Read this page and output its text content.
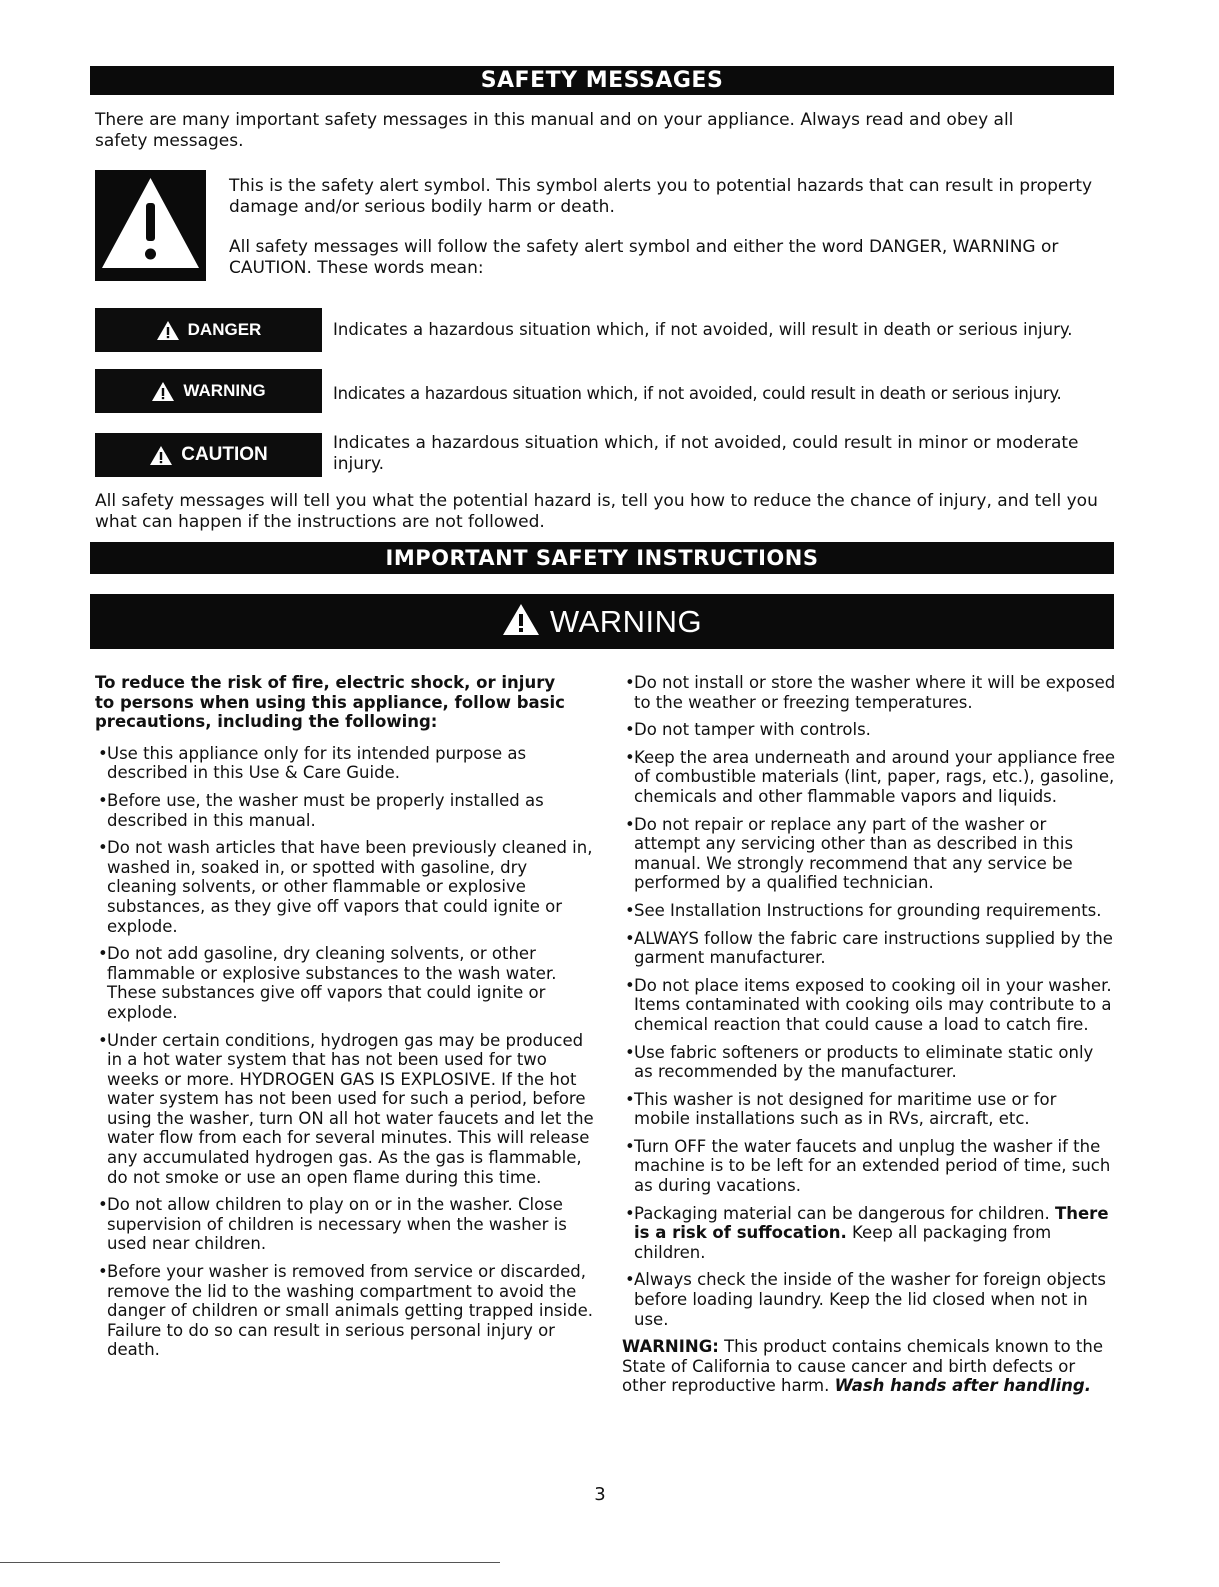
SAFETY MESSAGES
There are many important safety messages in this manual and on your appliance. Always read and obey all safety messages.
This is the safety alert symbol. This symbol alerts you to potential hazards that can result in property damage and/or serious bodily harm or death.
All safety messages will follow the safety alert symbol and either the word DANGER, WARNING or CAUTION. These words mean:
DANGER	Indicates a hazardous situation which, if not avoided, will result in death or serious injury.
WARNING	Indicates a hazardous situation which, if not avoided, could result in death or serious injury.
CAUTION
Indicates a hazardous situation which, if not avoided, could result in minor or moderate injury.
All safety messages will tell you what the potential hazard is, tell you how to reduce the chance of injury, and tell you what can happen if the instructions are not followed.
IMPORTANT SAFETY INSTRUCTIONS
WARNING

To reduce the risk of fire, electric shock, or injury to persons when using this appliance, follow basic precautions, including the following:

• Use this appliance only for its intended purpose as described in this Use & Care Guide.
• Before use, the washer must be properly installed as described in this manual.
• Do not wash articles that have been previously cleaned in, washed in, soaked in, or spotted with gasoline, dry cleaning solvents, or other flammable or explosive substances, as they give off vapors that could ignite or explode.
• Do not add gasoline, dry cleaning solvents, or other flammable or explosive substances to the wash water. These substances give off vapors that could ignite or explode.
• Under certain conditions, hydrogen gas may be produced in a hot water system that has not been used for two weeks or more. HYDROGEN GAS IS EXPLOSIVE. If the hot water system has not been used for such a period, before using the washer, turn ON all hot water faucets and let the water flow from each for several minutes. This will release any accumulated hydrogen gas. As the gas is flammable, do not smoke or use an open flame during this time.
• Do not allow children to play on or in the washer. Close supervision of children is necessary when the washer is used near children.
• Before your washer is removed from service or discarded, remove the lid to the washing compartment to avoid the danger of children or small animals getting trapped inside. Failure to do so can result in serious personal injury or death.
• Do not install or store the washer where it will be exposed to the weather or freezing temperatures.
• Do not tamper with controls.
• Keep the area underneath and around your appliance free of combustible materials (lint, paper, rags, etc.), gasoline, chemicals and other flammable vapors and liquids.
• Do not repair or replace any part of the washer or attempt any servicing other than as described in this manual. We strongly recommend that any service be performed by a qualified technician.
• See Installation Instructions for grounding requirements.
• ALWAYS follow the fabric care instructions supplied by the garment manufacturer.
• Do not place items exposed to cooking oil in your washer. Items contaminated with cooking oils may contribute to a chemical reaction that could cause a load to catch fire.
• Use fabric softeners or products to eliminate static only as recommended by the manufacturer.
• This washer is not designed for maritime use or for mobile installations such as in RVs, aircraft, etc.
• Turn OFF the water faucets and unplug the washer if the machine is to be left for an extended period of time, such as during vacations.
• Packaging material can be dangerous for children. There is a risk of suffocation. Keep all packaging from children.
• Always check the inside of the washer for foreign objects before loading laundry. Keep the lid closed when not in use.

WARNING: This product contains chemicals known to the State of California to cause cancer and birth defects or other reproductive harm. Wash hands after handling.

3
